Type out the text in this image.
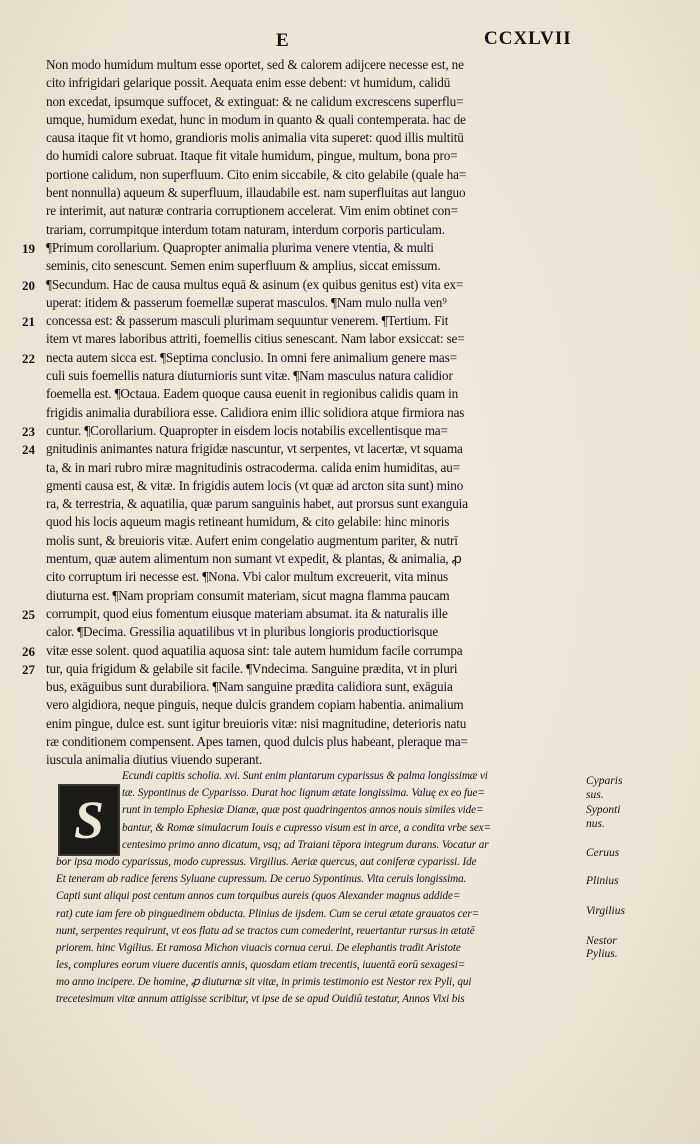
E	CCXLVII
Non modo humidum multum esse oportet, sed & calorem adijcere necesse est, ne
cito infrigidari gelarique possit. Aequata enim esse debent: vt humidum, calidū
non excedat, ipsumque suffocet, & extinguat: & ne calidum excrescens superflu=
umque, humidum exedat, hunc in modum in quanto & quali contemperata. hac de
causa itaque fit vt homo, grandioris molis animalia vita superet: quod illis multitū
do humidi calore subruat. Itaque fit vitale humidum, pingue, multum, bona pro=
portione calidum, non superfluum. Cito enim siccabile, & cito gelabile (quale ha=
bent nonnulla) aqueum & superfluum, illaudabile est. nam superfluitas aut languo
re interimit, aut naturæ contraria corruptionem accelerat. Vim enim obtinet con=
trariam, corrumpitque interdum totam naturam, interdum corporis particulam.
¶Primum corollarium. Quapropter animalia plurima venere vtentia, & multi
seminis, cito senescunt. Semen enim superfluum & amplius, siccat emissum.
¶Secundum. Hac de causa multus equā & asinum (ex quibus genitus est) vita ex=
uperat: itidem & passerum foemellæ superat masculos. ¶Nam mulo nulla ven⁹
concessa est: & passerum masculi plurimam sequuntur venerem. ¶Tertium. Fit
item vt mares laboribus attriti, foemellis citius senescant. Nam labor exsiccat: se=
necta autem sicca est. ¶Septima conclusio. In omni fere animalium genere mas=
culi suis foemellis natura diuturnioris sunt vitæ. ¶Nam masculus natura calidior
foemella est. ¶Octaua. Eadem quoque causa euenit in regionibus calidis quam in
frigidis animalia durabiliora esse. Calidiora enim illic solidiora atque firmiora nas
cuntur. ¶Corollarium. Quapropter in eisdem locis notabilis excellentisque ma=
gnitudinis animantes natura frigidæ nascuntur, vt serpentes, vt lacertæ, vt squama
ta, & in mari rubro miræ magnitudinis ostracoderma. calida enim humiditas, au=
gmenti causa est, & vitæ. In frigidis autem locis (vt quæ ad arcton sita sunt) mino
ra, & terrestria, & aquatilia, quæ parum sanguinis habet, aut prorsus sunt exanguia
quod his locis aqueum magis retineant humidum, & cito gelabile: hinc minoris
molis sunt, & breuioris vitæ. Aufert enim congelatio augmentum pariter, & nutrī
mentum, quæ autem alimentum non sumant vt expedit, & plantas, & animalia, ꝓ
cito corruptum iri necesse est. ¶Nona. Vbi calor multum excreuerit, vita minus
diuturna est. ¶Nam propriam consumit materiam, sicut magna flamma paucam
corrumpit, quod eius fomentum eiusque materiam absumat. ita & naturalis ille
calor. ¶Decima. Gressilia aquatilibus vt in pluribus longioris productiorisque
vitæ esse solent. quod aquatilia aquosa sint: tale autem humidum facile corrumpa
tur, quia frigidum & gelabile sit facile. ¶Vndecima. Sanguine prædita, vt in pluri
bus, exāguibus sunt durabiliora. ¶Nam sanguine prædita calidiora sunt, exāguia
vero algidiora, neque pinguis, neque dulcis grandem copiam habentia. animalium
enim pingue, dulce est. sunt igitur breuioris vitæ: nisi magnitudine, deterioris natu
ræ conditionem compensent. Apes tamen, quod dulcis plus habeant, pleraque ma=
iuscula animalia diutius viuendo superant.
19
20
21
22
23
24
25
26
27
S
Ecundi capitis scholia. xvi. Sunt enim plantarum cyparissus & palma longissimæ vi
tæ. Sypontinus de Cyparisso. Durat hoc lignum ætate longissima. Valuę ex eo fue=
runt in templo Ephesiæ Dianæ, quæ post quadringentos annos nouis similes vide=
bantur, & Romæ simulacrum Iouis e cupresso visum est in arce, a condita vrbe sex=
centesimo primo anno dicatum, vsq; ad Traiani tēpora integrum durans. Vocatur ar
bor ipsa modo cyparissus, modo cupressus. Virgilius. Aeriæ quercus, aut coniferæ cyparissi. Ide
Et teneram ab radice ferens Syluane cupressum. De ceruo Sypontinus. Vita ceruis longissima.
Capti sunt aliqui post centum annos cum torquibus aureis (quos Alexander magnus addide=
rat) cute iam fere ob pinguedinem obducta. Plinius de ijsdem. Cum se cerui ætate grauatos cer=
nunt, serpentes requirunt, vt eos flatu ad se tractos cum comederint, reuertantur rursus in ætatē
priorem. hinc Vigilius. Et ramosa Michon viuacis cornua cerui. De elephantis tradit Aristote
les, complures eorum viuere ducentis annis, quosdam etiam trecentis, iuuentā eorū sexagesi=
mo anno incipere. De homine, ꝓ diuturnæ sit vitæ, in primis testimonio est Nestor rex Pyli, qui
trecetesimum vitæ annum attigisse scribitur, vt ipse de se apud Ouidiū testatur, Annos Vixi bis
Cyparis
sus.
Syponti
nus.
Ceruus
Plinius
Virgilius
Nestor
Pylius.
